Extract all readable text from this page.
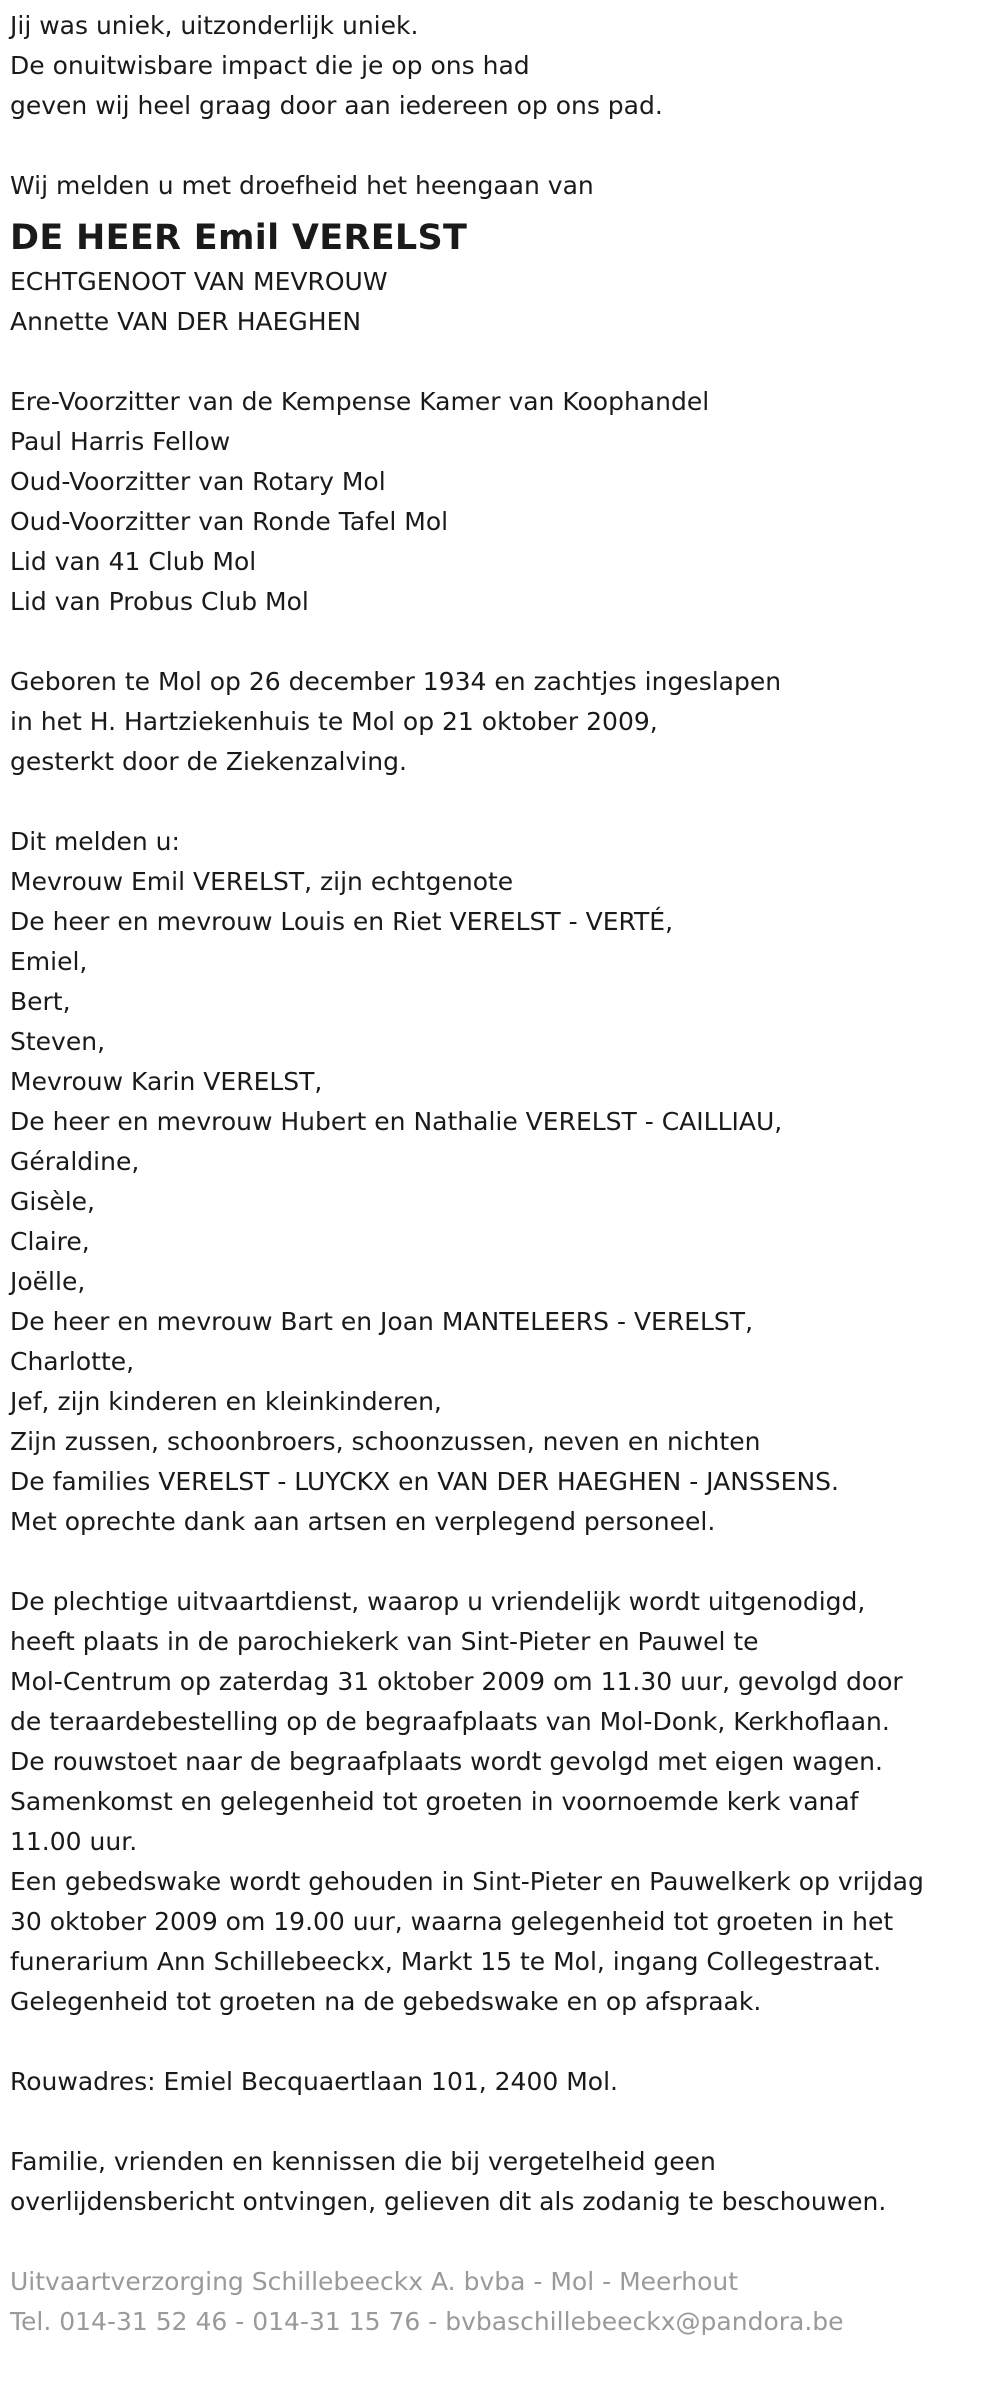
Jij was uniek, uitzonderlijk uniek.
De onuitwisbare impact die je op ons had
geven wij heel graag door aan iedereen op ons pad.
Wij melden u met droefheid het heengaan van
DE HEER Emil VERELST
ECHTGENOOT VAN MEVROUW
Annette VAN DER HAEGHEN
Ere-Voorzitter van de Kempense Kamer van Koophandel
Paul Harris Fellow
Oud-Voorzitter van Rotary Mol
Oud-Voorzitter van Ronde Tafel Mol
Lid van 41 Club Mol
Lid van Probus Club Mol
Geboren te Mol op 26 december 1934 en zachtjes ingeslapen
in het H. Hartziekenhuis te Mol op 21 oktober 2009,
gesterkt door de Ziekenzalving.
Dit melden u:
Mevrouw Emil VERELST, zijn echtgenote
De heer en mevrouw Louis en Riet VERELST - VERTÉ,
Emiel,
Bert,
Steven,
Mevrouw Karin VERELST,
De heer en mevrouw Hubert en Nathalie VERELST - CAILLIAU,
Géraldine,
Gisèle,
Claire,
Joëlle,
De heer en mevrouw Bart en Joan MANTELEERS - VERELST,
Charlotte,
Jef, zijn kinderen en kleinkinderen,
Zijn zussen, schoonbroers, schoonzussen, neven en nichten
De families VERELST - LUYCKX en VAN DER HAEGHEN - JANSSENS.
Met oprechte dank aan artsen en verplegend personeel.
De plechtige uitvaartdienst, waarop u vriendelijk wordt uitgenodigd,
heeft plaats in de parochiekerk van Sint-Pieter en Pauwel te
Mol-Centrum op zaterdag 31 oktober 2009 om 11.30 uur, gevolgd door
de teraardebestelling op de begraafplaats van Mol-Donk, Kerkhoflaan.
De rouwstoet naar de begraafplaats wordt gevolgd met eigen wagen.
Samenkomst en gelegenheid tot groeten in voornoemde kerk vanaf
11.00 uur.
Een gebedswake wordt gehouden in Sint-Pieter en Pauwelkerk op vrijdag
30 oktober 2009 om 19.00 uur, waarna gelegenheid tot groeten in het
funerarium Ann Schillebeeckx, Markt 15 te Mol, ingang Collegestraat.
Gelegenheid tot groeten na de gebedswake en op afspraak.
Rouwadres: Emiel Becquaertlaan 101, 2400 Mol.
Familie, vrienden en kennissen die bij vergetelheid geen
overlijdensbericht ontvingen, gelieven dit als zodanig te beschouwen.
Uitvaartverzorging Schillebeeckx A. bvba - Mol - Meerhout
Tel. 014-31 52 46 - 014-31 15 76 - bvbaschillebeeckx@pandora.be
